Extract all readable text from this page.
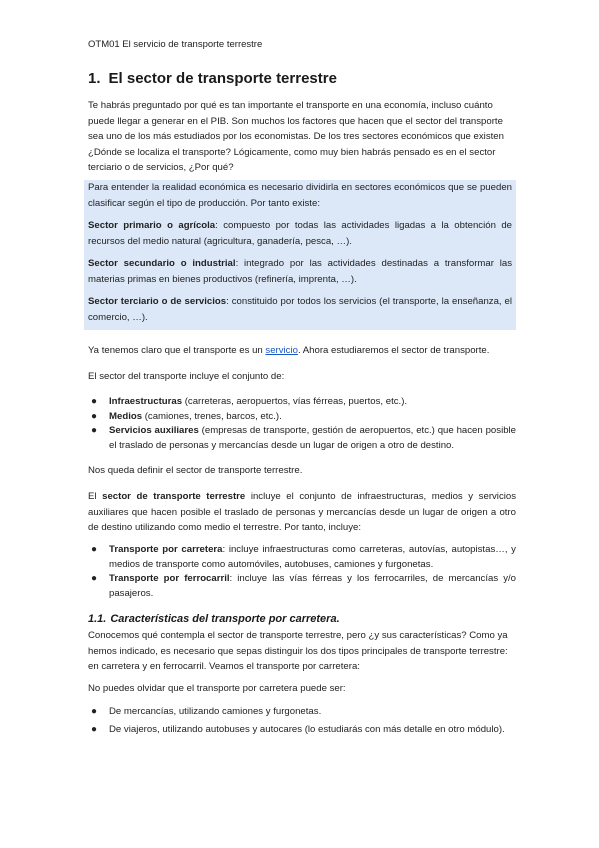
OTM01 El servicio de transporte terrestre
1. El sector de transporte terrestre
Te habrás preguntado por qué es tan importante el transporte en una economía, incluso cuánto puede llegar a generar en el PIB. Son muchos los factores que hacen que el sector del transporte sea uno de los más estudiados por los economistas. De los tres sectores económicos que existen ¿Dónde se localiza el transporte? Lógicamente, como muy bien habrás pensado es en el sector terciario o de servicios, ¿Por qué?
Para entender la realidad económica es necesario dividirla en sectores económicos que se pueden clasificar según el tipo de producción. Por tanto existe:
Sector primario o agrícola: compuesto por todas las actividades ligadas a la obtención de recursos del medio natural (agricultura, ganadería, pesca, …).
Sector secundario o industrial: integrado por las actividades destinadas a transformar las materias primas en bienes productivos (refinería, imprenta, …).
Sector terciario o de servicios: constituido por todos los servicios (el transporte, la enseñanza, el comercio, …).
Ya tenemos claro que el transporte es un servicio. Ahora estudiaremos el sector de transporte.
El sector del transporte incluye el conjunto de:
● Infraestructuras (carreteras, aeropuertos, vías férreas, puertos, etc.).
● Medios (camiones, trenes, barcos, etc.).
● Servicios auxiliares (empresas de transporte, gestión de aeropuertos, etc.) que hacen posible el traslado de personas y mercancías desde un lugar de origen a otro de destino.
Nos queda definir el sector de transporte terrestre.
El sector de transporte terrestre incluye el conjunto de infraestructuras, medios y servicios auxiliares que hacen posible el traslado de personas y mercancías desde un lugar de origen a otro de destino utilizando como medio el terrestre. Por tanto, incluye:
● Transporte por carretera: incluye infraestructuras como carreteras, autovías, autopistas…, y medios de transporte como automóviles, autobuses, camiones y furgonetas.
● Transporte por ferrocarril: incluye las vías férreas y los ferrocarriles, de mercancías y/o pasajeros.
1.1. Características del transporte por carretera.
Conocemos qué contempla el sector de transporte terrestre, pero ¿y sus características? Como ya hemos indicado, es necesario que sepas distinguir los dos tipos principales de transporte terrestre: en carretera y en ferrocarril. Veamos el transporte por carretera:
No puedes olvidar que el transporte por carretera puede ser:
● De mercancías, utilizando camiones y furgonetas.
● De viajeros, utilizando autobuses y autocares (lo estudiarás con más detalle en otro módulo).
